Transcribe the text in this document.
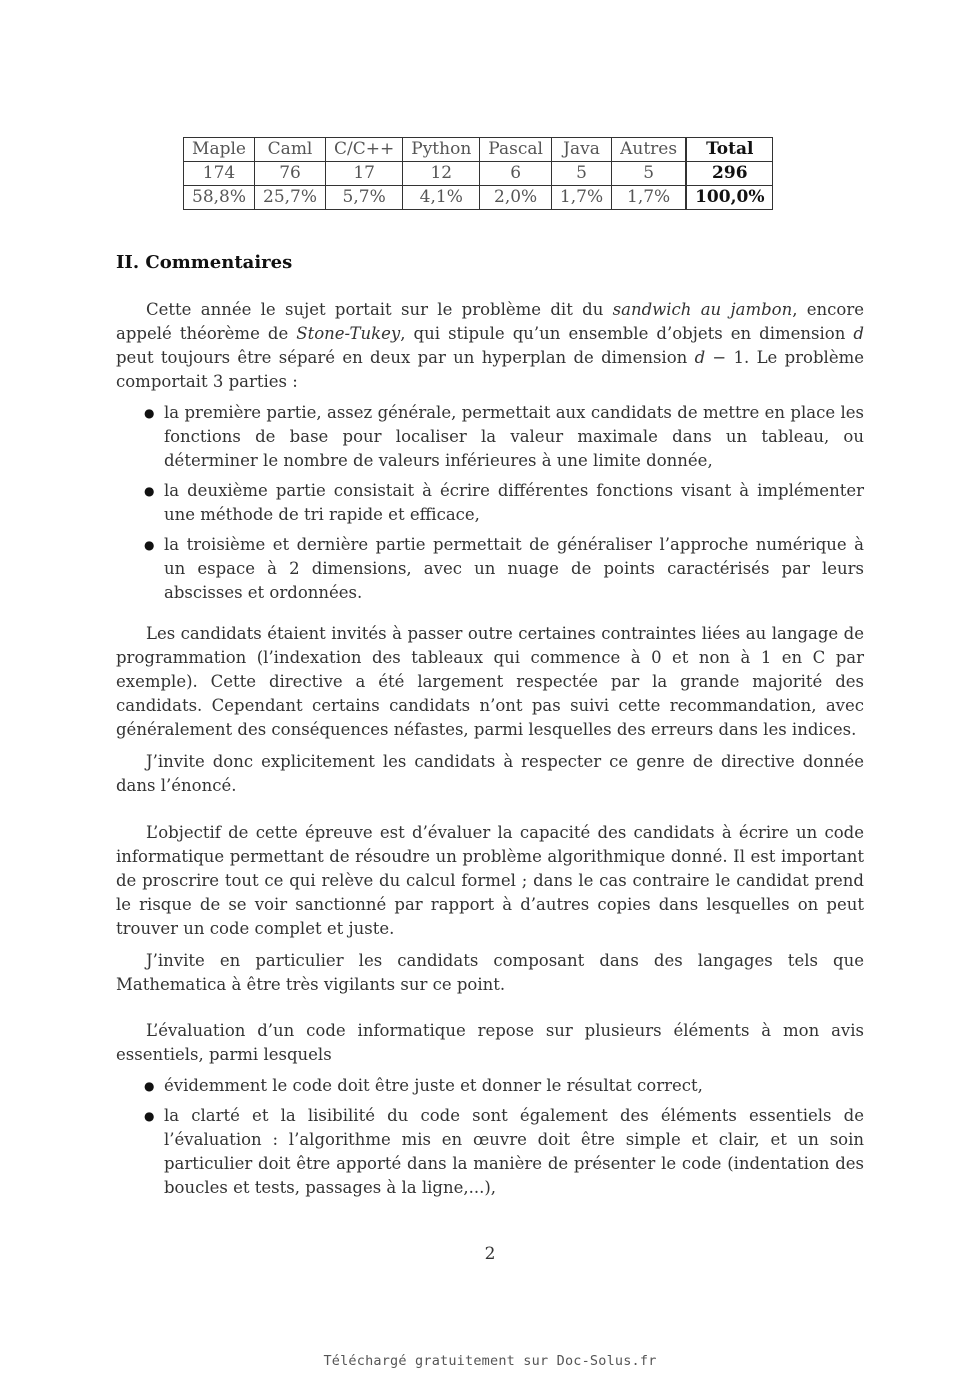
Maple	Caml	C/C++	Python	Pascal	Java	Autres	Total
174	76	17	12	6	5	5	296
58,8%	25,7%	5,7%	4,1%	2,0%	1,7%	1,7%	100,0%
II. Commentaires

Cette année le sujet portait sur le problème dit du sandwich au jambon, encore appelé théorème de Stone-Tukey, qui stipule qu’un ensemble d’objets en dimension d peut toujours être séparé en deux par un hyperplan de dimension d − 1. Le problème comportait 3 parties :

● la première partie, assez générale, permettait aux candidats de mettre en place les fonctions de base pour localiser la valeur maximale dans un tableau, ou déterminer le nombre de valeurs inférieures à une limite donnée,
● la deuxième partie consistait à écrire différentes fonctions visant à implémenter une méthode de tri rapide et efficace,
● la troisième et dernière partie permettait de généraliser l’approche numérique à un espace à 2 dimensions, avec un nuage de points caractérisés par leurs abscisses et ordonnées.

Les candidats étaient invités à passer outre certaines contraintes liées au langage de programmation (l’indexation des tableaux qui commence à 0 et non à 1 en C par exemple). Cette directive a été largement respectée par la grande majorité des candidats. Cependant certains candidats n’ont pas suivi cette recommandation, avec généralement des conséquences néfastes, parmi lesquelles des erreurs dans les indices.

J’invite donc explicitement les candidats à respecter ce genre de directive donnée dans l’énoncé.

L’objectif de cette épreuve est d’évaluer la capacité des candidats à écrire un code informatique permettant de résoudre un problème algorithmique donné. Il est important de proscrire tout ce qui relève du calcul formel ; dans le cas contraire le candidat prend le risque de se voir sanctionné par rapport à d’autres copies dans lesquelles on peut trouver un code complet et juste.

J’invite en particulier les candidats composant dans des langages tels que Mathematica à être très vigilants sur ce point.

L’évaluation d’un code informatique repose sur plusieurs éléments à mon avis essentiels, parmi lesquels

● évidemment le code doit être juste et donner le résultat correct,
● la clarté et la lisibilité du code sont également des éléments essentiels de l’évaluation : l’algorithme mis en œuvre doit être simple et clair, et un soin particulier doit être apporté dans la manière de présenter le code (indentation des boucles et tests, passages à la ligne,...),
2
Téléchargé gratuitement sur Doc-Solus.fr
